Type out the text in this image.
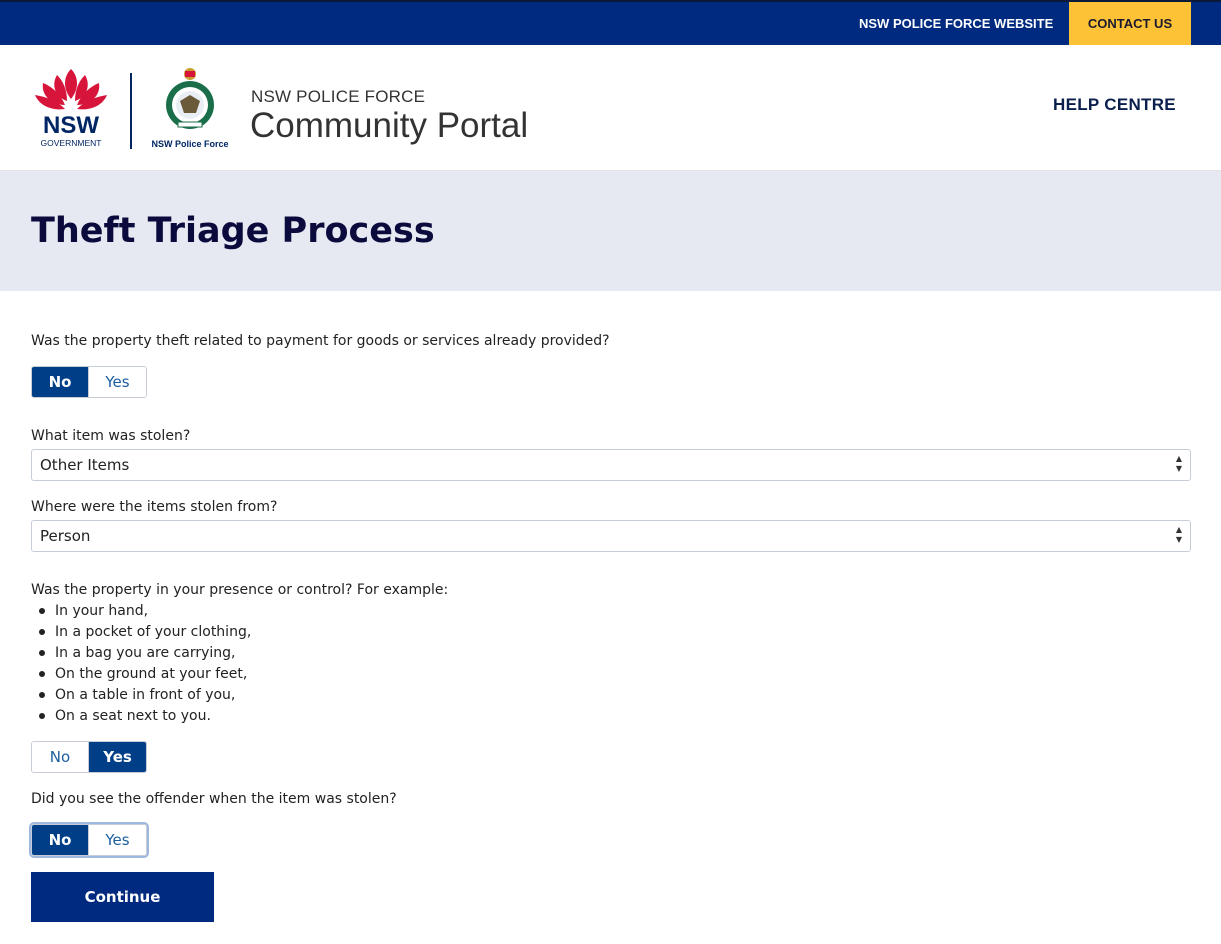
NSW POLICE FORCE WEBSITE	CONTACT US
NSW
GOVERNMENT	NSW Police Force
NSW POLICE FORCE
Community Portal
HELP CENTRE
Theft Triage Process
Was the property theft related to payment for goods or services already provided?
No	Yes
What item was stolen?
Other Items	▲
▼
Where were the items stolen from?
Person	▲
▼
Was the property in your presence or control? For example:
In your hand,
In a pocket of your clothing,
In a bag you are carrying,
On the ground at your feet,
On a table in front of you,
On a seat next to you.
No	Yes
Did you see the offender when the item was stolen?
No	Yes
Continue
